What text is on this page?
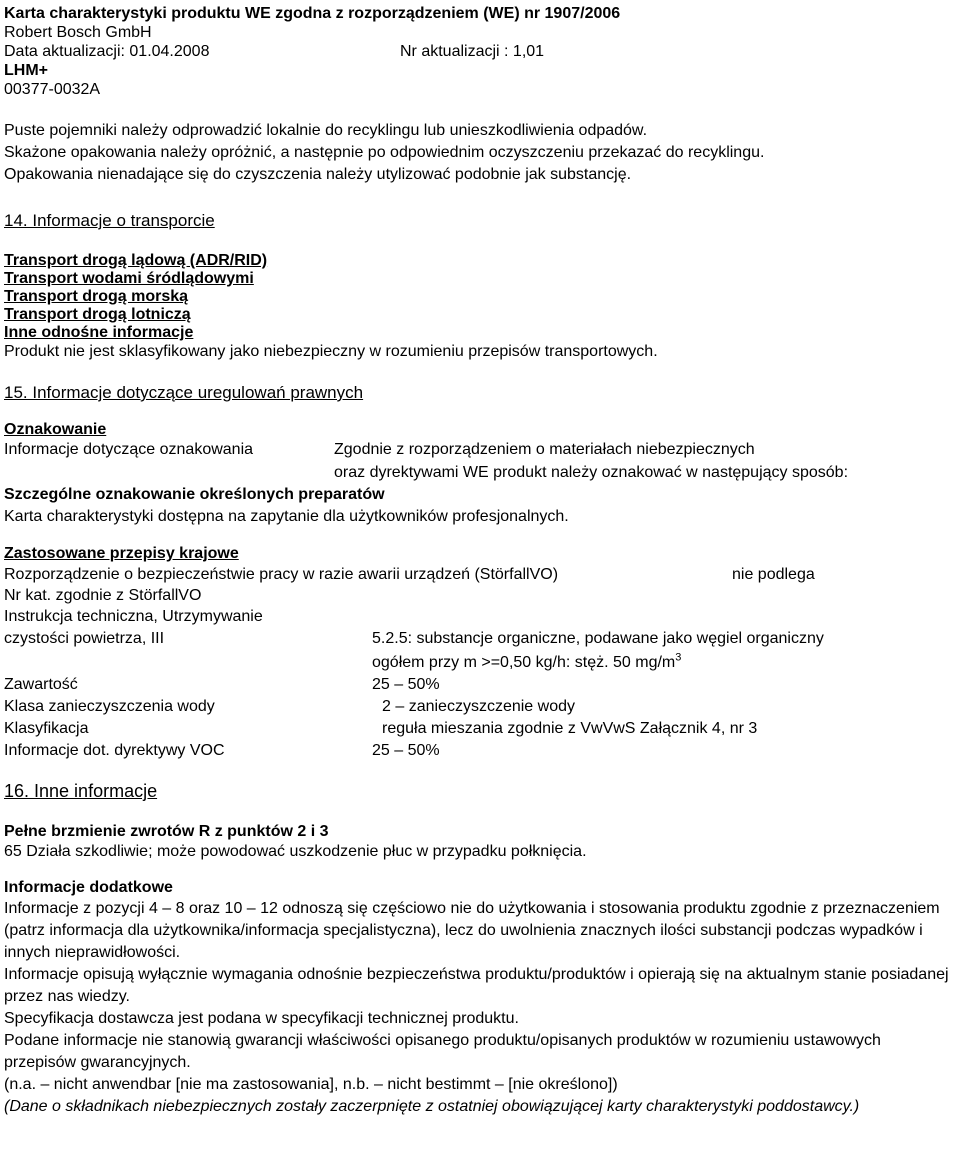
Karta charakterystyki produktu WE zgodna z rozporządzeniem (WE) nr 1907/2006
Robert Bosch GmbH
Data aktualizacji: 01.04.2008	Nr aktualizacji : 1,01
LHM+
00377-0032A
Puste pojemniki należy odprowadzić lokalnie do recyklingu lub unieszkodliwienia odpadów.
Skażone opakowania należy opróżnić, a następnie po odpowiednim oczyszczeniu przekazać do recyklingu.
Opakowania nienadające się do czyszczenia należy utylizować podobnie jak substancję.
14. Informacje o transporcie
Transport drogą lądową (ADR/RID)
Transport wodami śródlądowymi
Transport drogą morską
Transport drogą lotniczą
Inne odnośne informacje
Produkt nie jest sklasyfikowany jako niebezpieczny w rozumieniu przepisów transportowych.
15. Informacje dotyczące uregulowań prawnych
Oznakowanie
Informacje dotyczące oznakowania	Zgodnie z rozporządzeniem o materiałach niebezpiecznych
oraz dyrektywami WE produkt należy oznakować w następujący sposób:
Szczególne oznakowanie określonych preparatów
Karta charakterystyki dostępna na zapytanie dla użytkowników profesjonalnych.
Zastosowane przepisy krajowe
Rozporządzenie o bezpieczeństwie pracy w razie awarii urządzeń (StörfallVO)	nie podlega
Nr kat. zgodnie z StörfallVO
Instrukcja techniczna, Utrzymywanie
czystości powietrza, III	5.2.5: substancje organiczne, podawane jako węgiel organiczny
ogółem przy m >=0,50 kg/h: stęż. 50 $mg/m^3$
Zawartość	25 – 50%
Klasa zanieczyszczenia wody	2 – zanieczyszczenie wody
Klasyfikacja	reguła mieszania zgodnie z VwVwS Załącznik 4, nr 3
Informacje dot. dyrektywy VOC	25 – 50%
16. Inne informacje
Pełne brzmienie zwrotów R z punktów 2 i 3
65 Działa szkodliwie; może powodować uszkodzenie płuc w przypadku połknięcia.
Informacje dodatkowe
Informacje z pozycji 4 – 8 oraz 10 – 12 odnoszą się częściowo nie do użytkowania i stosowania produktu zgodnie z przeznaczeniem (patrz informacja dla użytkownika/informacja specjalistyczna), lecz do uwolnienia znacznych ilości substancji podczas wypadków i innych nieprawidłowości.
Informacje opisują wyłącznie wymagania odnośnie bezpieczeństwa produktu/produktów i opierają się na aktualnym stanie posiadanej przez nas wiedzy.
Specyfikacja dostawcza jest podana w specyfikacji technicznej produktu.
Podane informacje nie stanowią gwarancji właściwości opisanego produktu/opisanych produktów w rozumieniu ustawowych przepisów gwarancyjnych.
(n.a. – nicht anwendbar [nie ma zastosowania], n.b. – nicht bestimmt – [nie określono])
(Dane o składnikach niebezpiecznych zostały zaczerpnięte z ostatniej obowiązującej karty charakterystyki poddostawcy.)
